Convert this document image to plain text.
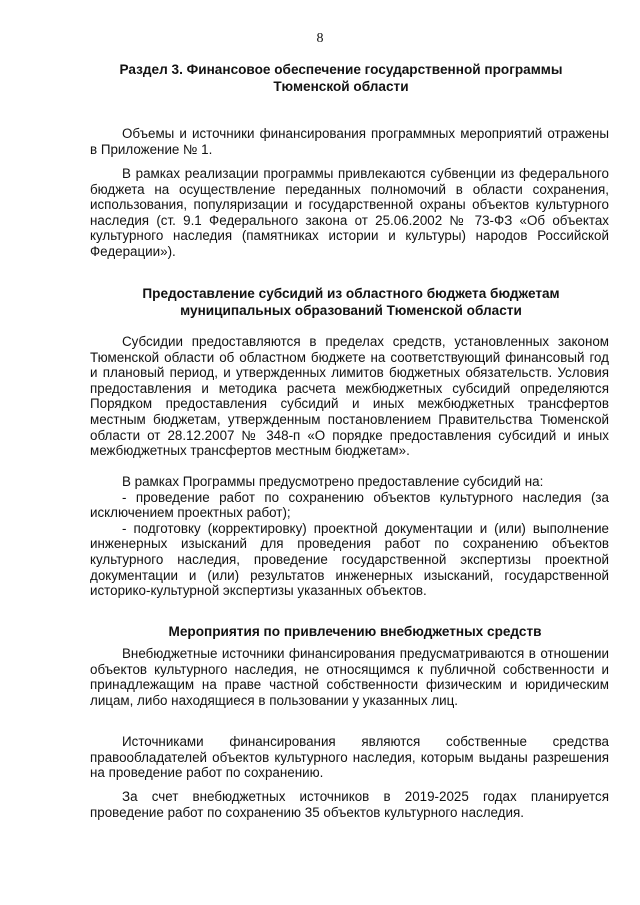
8
Раздел 3. Финансовое обеспечение государственной программы
Тюменской области

Объемы и источники финансирования программных мероприятий отражены в Приложение № 1.

В рамках реализации программы привлекаются субвенции из федерального бюджета на осуществление переданных полномочий в области сохранения, использования, популяризации и государственной охраны объектов культурного наследия (ст. 9.1 Федерального закона от 25.06.2002 № 73-ФЗ «Об объектах культурного наследия (памятниках истории и культуры) народов Российской Федерации»).

Предоставление субсидий из областного бюджета бюджетам
муниципальных образований Тюменской области

Субсидии предоставляются в пределах средств, установленных законом Тюменской области об областном бюджете на соответствующий финансовый год и плановый период, и утвержденных лимитов бюджетных обязательств. Условия предоставления и методика расчета межбюджетных субсидий определяются Порядком предоставления субсидий и иных межбюджетных трансфертов местным бюджетам, утвержденным постановлением Правительства Тюменской области от 28.12.2007 № 348-п «О порядке предоставления субсидий и иных межбюджетных трансфертов местным бюджетам».

В рамках Программы предусмотрено предоставление субсидий на:

- проведение работ по сохранению объектов культурного наследия (за исключением проектных работ);

- подготовку (корректировку) проектной документации и (или) выполнение инженерных изысканий для проведения работ по сохранению объектов культурного наследия, проведение государственной экспертизы проектной документации и (или) результатов инженерных изысканий, государственной историко-культурной экспертизы указанных объектов.

Мероприятия по привлечению внебюджетных средств

Внебюджетные источники финансирования предусматриваются в отношении объектов культурного наследия, не относящимся к публичной собственности и принадлежащим на праве частной собственности физическим и юридическим лицам, либо находящиеся в пользовании у указанных лиц.

Источниками финансирования являются собственные средства правообладателей объектов культурного наследия, которым выданы разрешения на проведение работ по сохранению.

За счет внебюджетных источников в 2019-2025 годах планируется проведение работ по сохранению 35 объектов культурного наследия.
